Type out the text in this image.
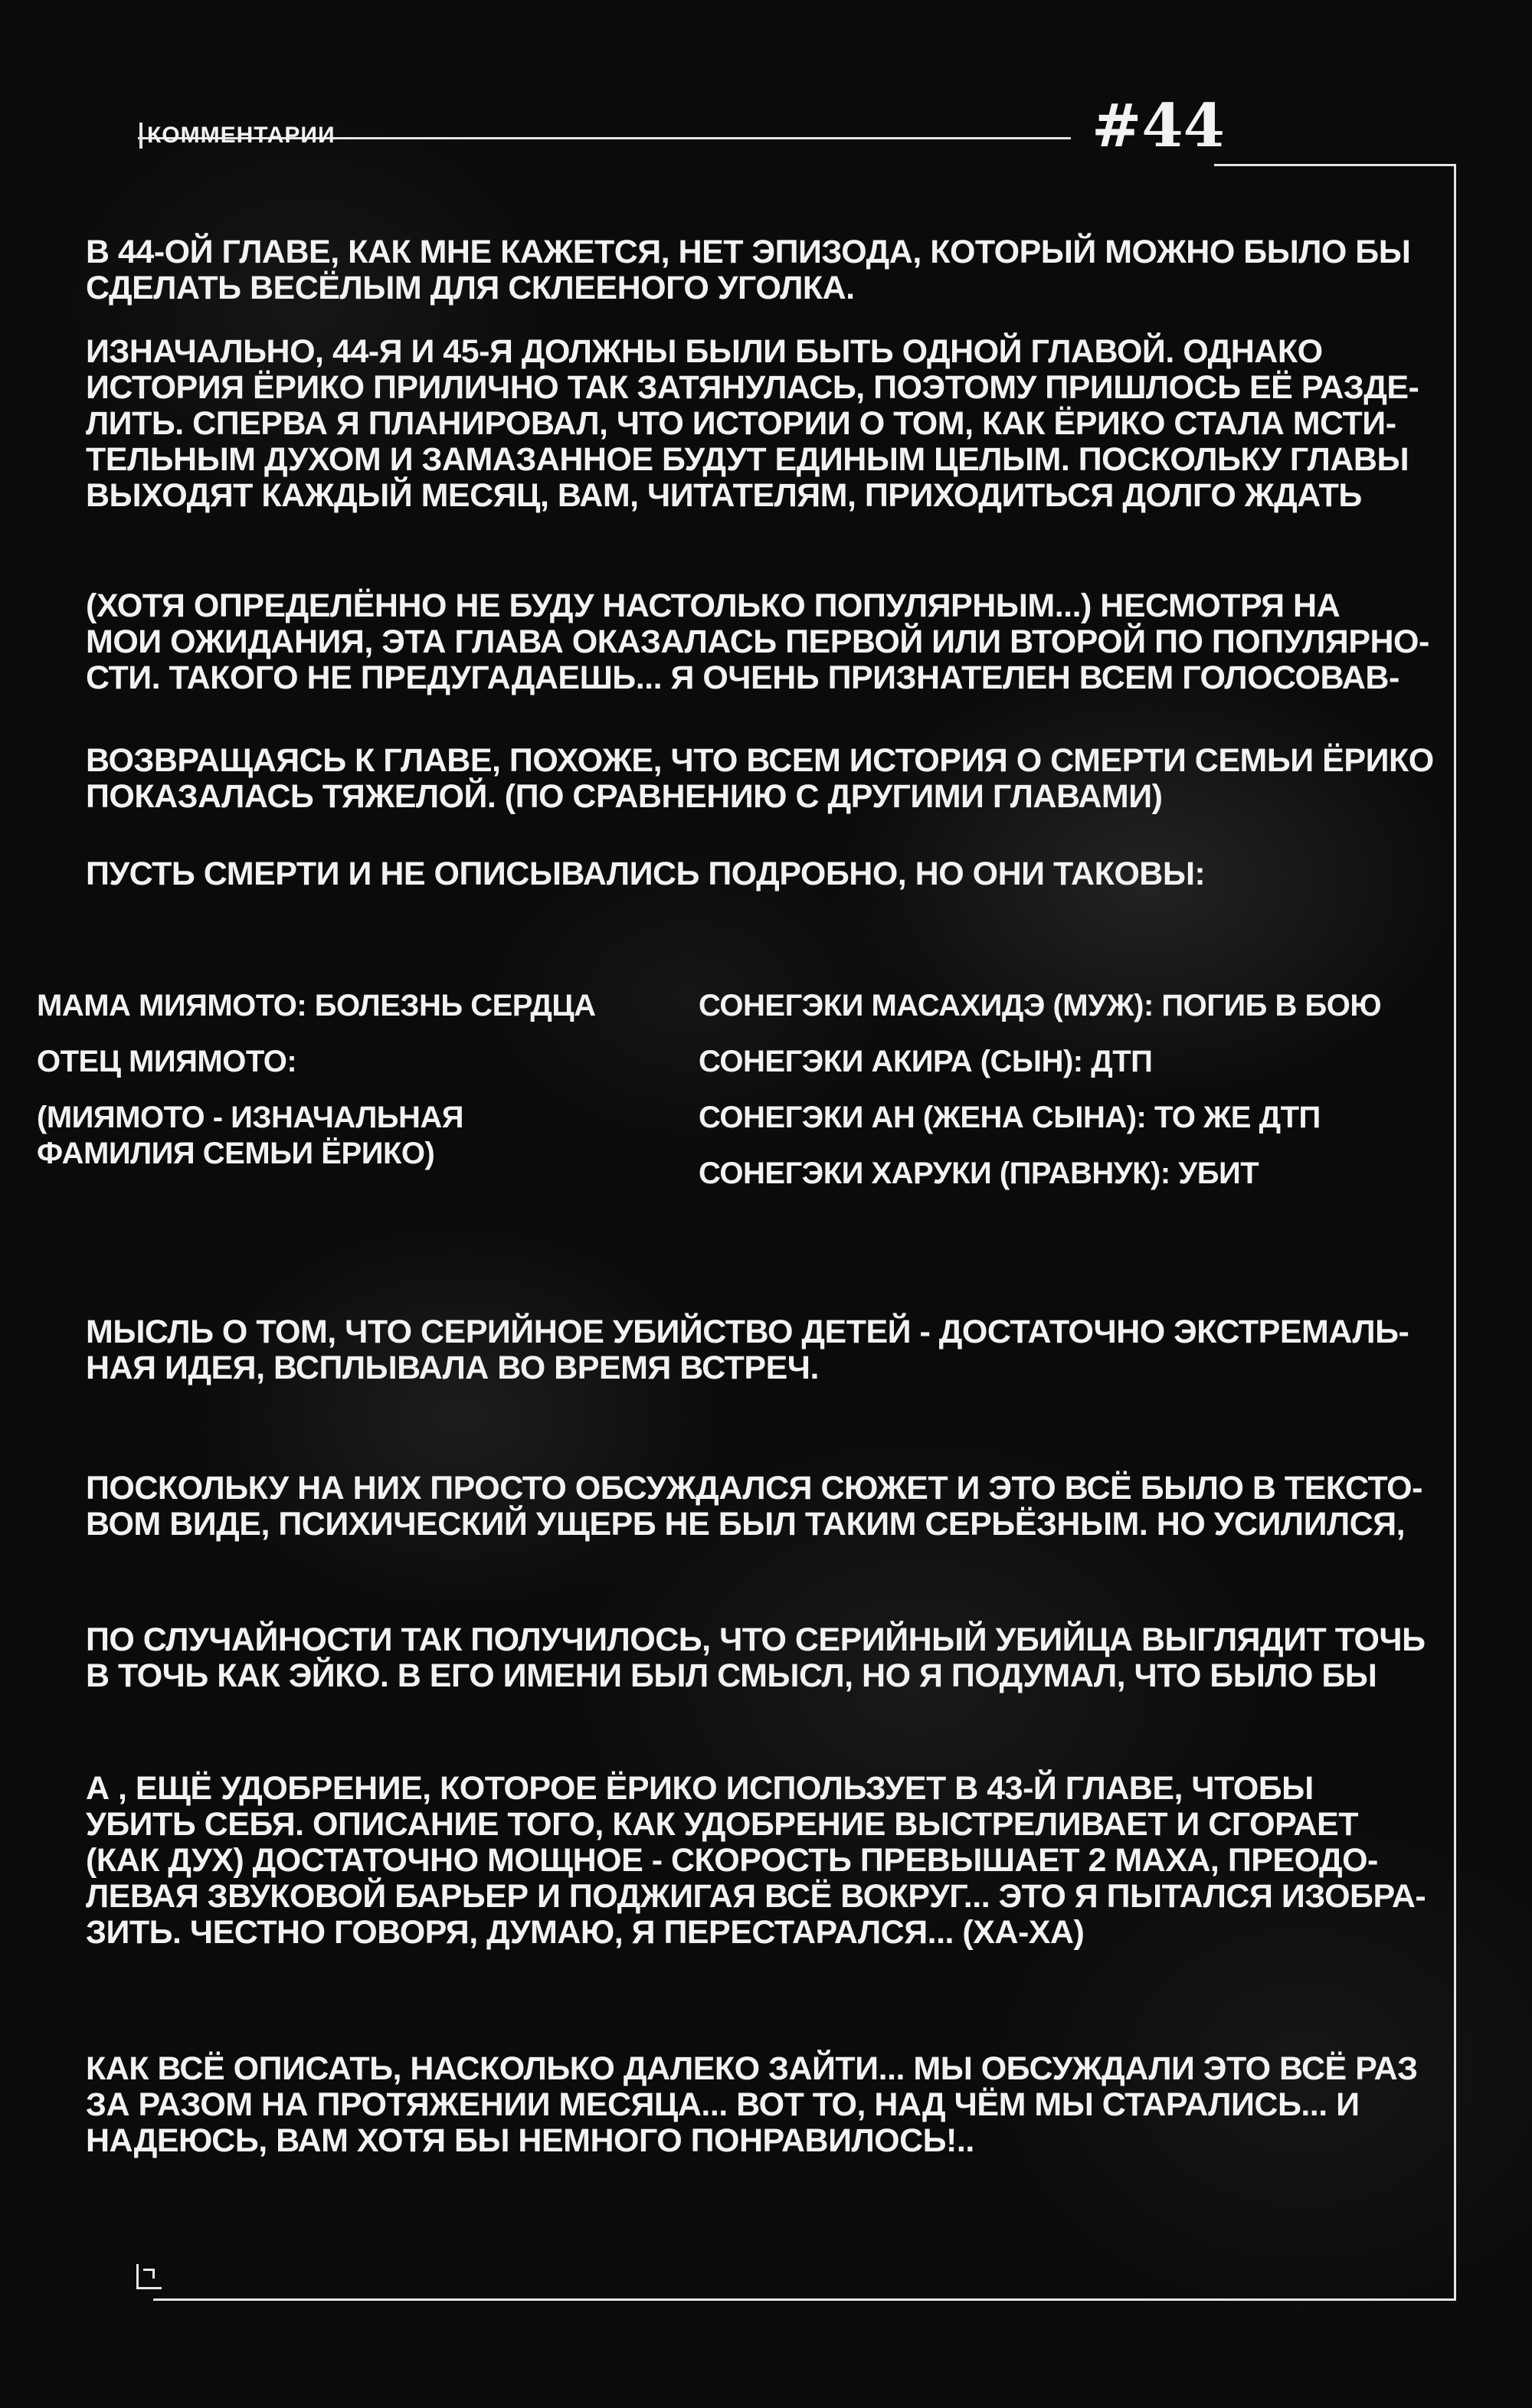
КОММЕНТАРИИ	#44

В 44-ОЙ ГЛАВЕ, КАК МНЕ КАЖЕТСЯ, НЕТ ЭПИЗОДА, КОТОРЫЙ МОЖНО БЫЛО БЫ
СДЕЛАТЬ ВЕСЁЛЫМ ДЛЯ СКЛЕЕНОГО УГОЛКА.

ИЗНАЧАЛЬНО, 44-Я И 45-Я ДОЛЖНЫ БЫЛИ БЫТЬ ОДНОЙ ГЛАВОЙ. ОДНАКО
ИСТОРИЯ ЁРИКО ПРИЛИЧНО ТАК ЗАТЯНУЛАСЬ, ПОЭТОМУ ПРИШЛОСЬ ЕЁ РАЗДЕ-
ЛИТЬ. СПЕРВА Я ПЛАНИРОВАЛ, ЧТО ИСТОРИИ О ТОМ, КАК ЁРИКО СТАЛА МСТИ-
ТЕЛЬНЫМ ДУХОМ И ЗАМАЗАННОЕ БУДУТ ЕДИНЫМ ЦЕЛЫМ. ПОСКОЛЬКУ ГЛАВЫ
ВЫХОДЯТ КАЖДЫЙ МЕСЯЦ, ВАМ, ЧИТАТЕЛЯМ, ПРИХОДИТЬСЯ ДОЛГО ЖДАТЬ

(ХОТЯ ОПРЕДЕЛЁННО НЕ БУДУ НАСТОЛЬКО ПОПУЛЯРНЫМ...) НЕСМОТРЯ НА
МОИ ОЖИДАНИЯ, ЭТА ГЛАВА ОКАЗАЛАСЬ ПЕРВОЙ ИЛИ ВТОРОЙ ПО ПОПУЛЯРНО-
СТИ. ТАКОГО НЕ ПРЕДУГАДАЕШЬ... Я ОЧЕНЬ ПРИЗНАТЕЛЕН ВСЕМ ГОЛОСОВАВ-

ВОЗВРАЩАЯСЬ К ГЛАВЕ, ПОХОЖЕ, ЧТО ВСЕМ ИСТОРИЯ О СМЕРТИ СЕМЬИ ЁРИКО
ПОКАЗАЛАСЬ ТЯЖЕЛОЙ. (ПО СРАВНЕНИЮ С ДРУГИМИ ГЛАВАМИ)

ПУСТЬ СМЕРТИ И НЕ ОПИСЫВАЛИСЬ ПОДРОБНО, НО ОНИ ТАКОВЫ:

МАМА МИЯМОТО: БОЛЕЗНЬ СЕРДЦА
ОТЕЦ МИЯМОТО:
(МИЯМОТО - ИЗНАЧАЛЬНАЯ
ФАМИЛИЯ СЕМЬИ ЁРИКО)
СОНЕГЭКИ МАСАХИДЭ (МУЖ): ПОГИБ В БОЮ
СОНЕГЭКИ АКИРА (СЫН): ДТП
СОНЕГЭКИ АН (ЖЕНА СЫНА): ТО ЖЕ ДТП
СОНЕГЭКИ ХАРУКИ (ПРАВНУК): УБИТ

МЫСЛЬ О ТОМ, ЧТО СЕРИЙНОЕ УБИЙСТВО ДЕТЕЙ - ДОСТАТОЧНО ЭКСТРЕМАЛЬ-
НАЯ ИДЕЯ, ВСПЛЫВАЛА ВО ВРЕМЯ ВСТРЕЧ.

ПОСКОЛЬКУ НА НИХ ПРОСТО ОБСУЖДАЛСЯ СЮЖЕТ И ЭТО ВСЁ БЫЛО В ТЕКСТО-
ВОМ ВИДЕ, ПСИХИЧЕСКИЙ УЩЕРБ НЕ БЫЛ ТАКИМ СЕРЬЁЗНЫМ. НО УСИЛИЛСЯ,

ПО СЛУЧАЙНОСТИ ТАК ПОЛУЧИЛОСЬ, ЧТО СЕРИЙНЫЙ УБИЙЦА ВЫГЛЯДИТ ТОЧЬ
В ТОЧЬ КАК ЭЙКО. В ЕГО ИМЕНИ БЫЛ СМЫСЛ, НО Я ПОДУМАЛ, ЧТО БЫЛО БЫ

А , ЕЩЁ УДОБРЕНИЕ, КОТОРОЕ ЁРИКО ИСПОЛЬЗУЕТ В 43-Й ГЛАВЕ, ЧТОБЫ
УБИТЬ СЕБЯ. ОПИСАНИЕ ТОГО, КАК УДОБРЕНИЕ ВЫСТРЕЛИВАЕТ И СГОРАЕТ
(КАК ДУХ) ДОСТАТОЧНО МОЩНОЕ - СКОРОСТЬ ПРЕВЫШАЕТ 2 МАХА, ПРЕОДО-
ЛЕВАЯ ЗВУКОВОЙ БАРЬЕР И ПОДЖИГАЯ ВСЁ ВОКРУГ... ЭТО Я ПЫТАЛСЯ ИЗОБРА-
ЗИТЬ. ЧЕСТНО ГОВОРЯ, ДУМАЮ, Я ПЕРЕСТАРАЛСЯ... (ХА-ХА)

КАК ВСЁ ОПИСАТЬ, НАСКОЛЬКО ДАЛЕКО ЗАЙТИ... МЫ ОБСУЖДАЛИ ЭТО ВСЁ РАЗ
ЗА РАЗОМ НА ПРОТЯЖЕНИИ МЕСЯЦА... ВОТ ТО, НАД ЧЁМ МЫ СТАРАЛИСЬ... И
НАДЕЮСЬ, ВАМ ХОТЯ БЫ НЕМНОГО ПОНРАВИЛОСЬ!..
